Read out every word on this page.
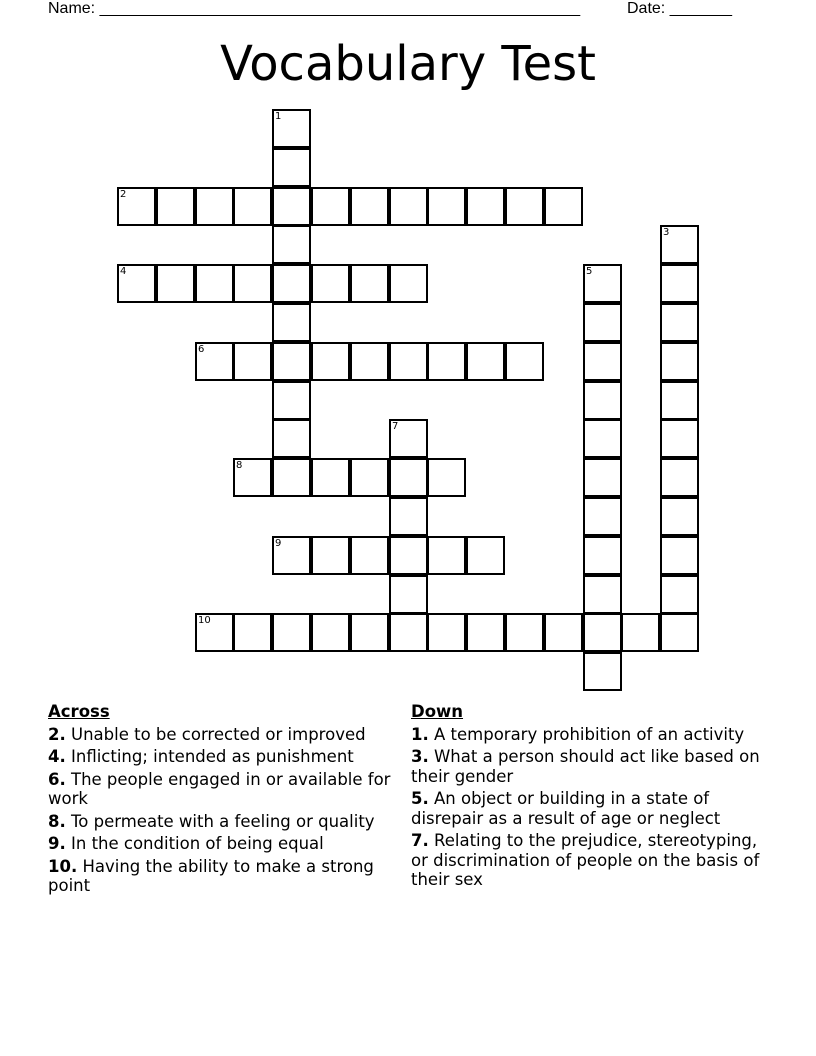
Name: ______________________________________________________	Date: _______
Vocabulary Test
1
2
3
4	5
6
7
8
9
10
Across
2. Unable to be corrected or improved
4. Inflicting; intended as punishment
6. The people engaged in or available for work
8. To permeate with a feeling or quality
9. In the condition of being equal
10. Having the ability to make a strong point
Down
1. A temporary prohibition of an activity
3. What a person should act like based on their gender
5. An object or building in a state of disrepair as a result of age or neglect
7. Relating to the prejudice, stereotyping, or discrimination of people on the basis of their sex
